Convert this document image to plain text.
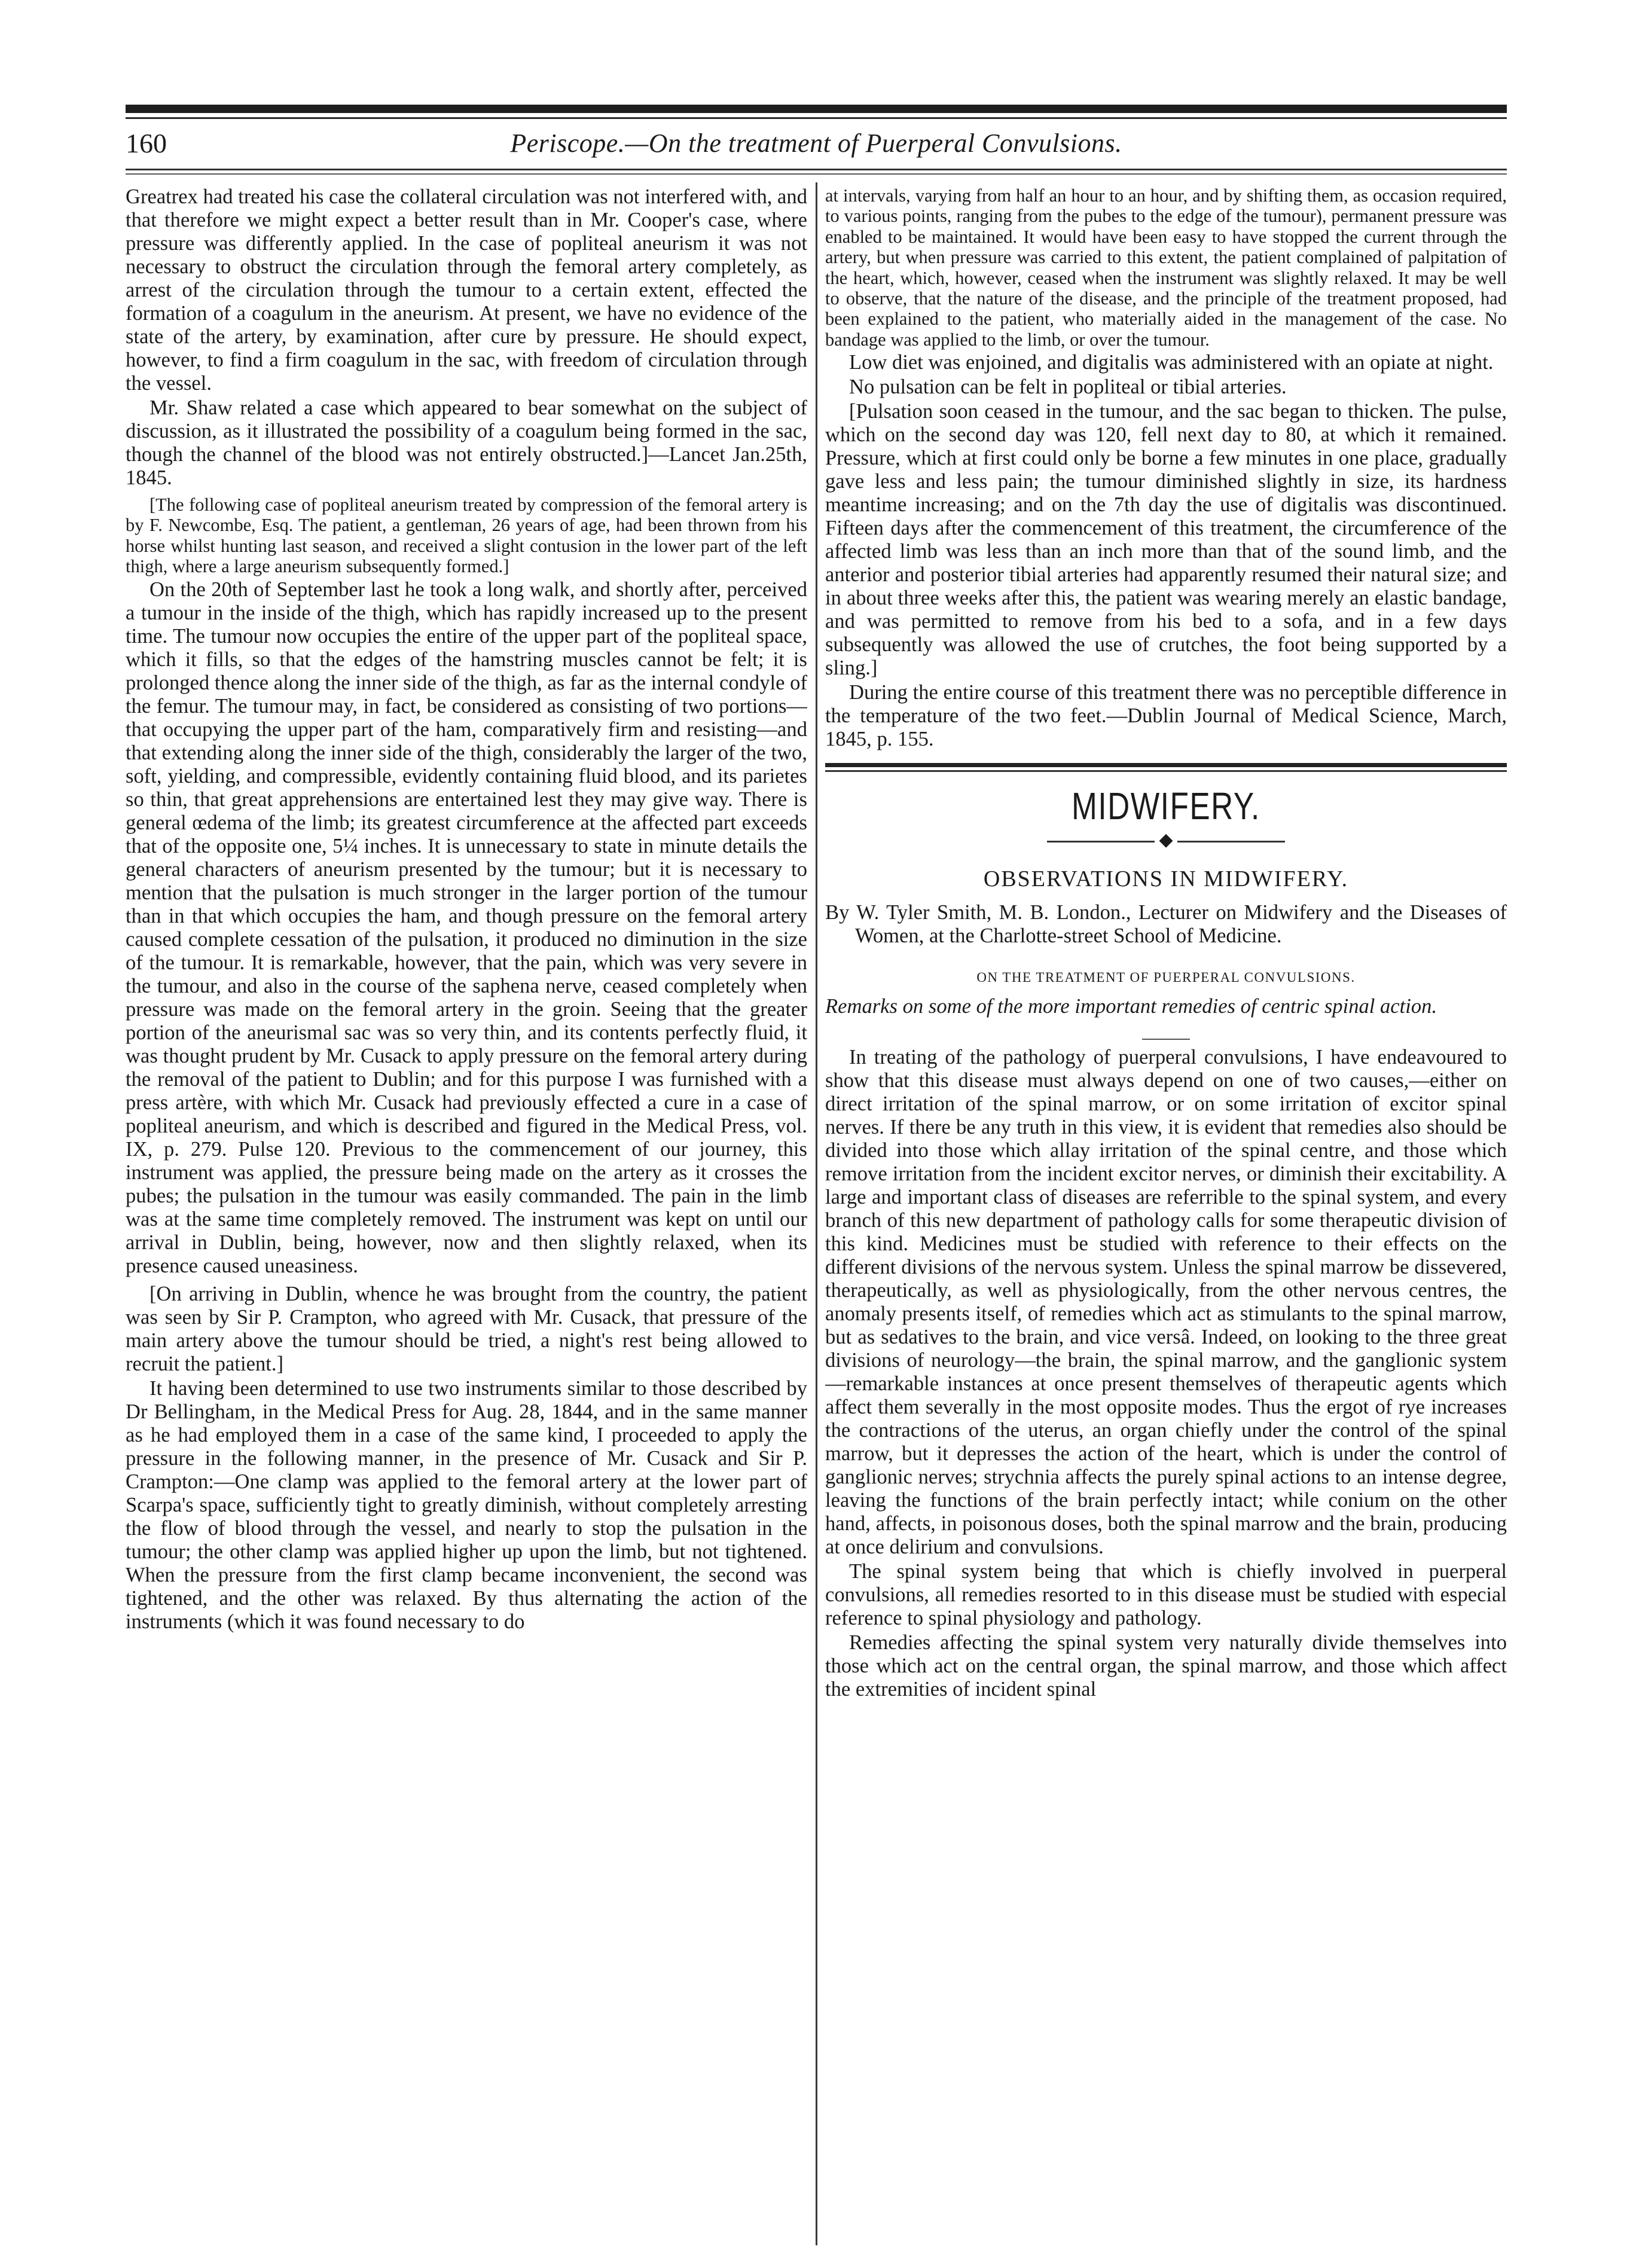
160	Periscope.—On the treatment of Puerperal Convulsions.

Greatrex had treated his case the collateral circulation was not interfered with, and that therefore we might expect a better result than in Mr. Cooper's case, where pressure was differently applied. In the case of popliteal aneurism it was not necessary to obstruct the circulation through the femoral artery completely, as arrest of the circulation through the tumour to a certain extent, effected the formation of a coagulum in the aneurism. At present, we have no evidence of the state of the artery, by examination, after cure by pressure. He should expect, however, to find a firm coagulum in the sac, with freedom of circulation through the vessel.

Mr. Shaw related a case which appeared to bear somewhat on the subject of discussion, as it illustrated the possibility of a coagulum being formed in the sac, though the channel of the blood was not entirely obstructed.]—Lancet Jan.25th, 1845.

[The following case of popliteal aneurism treated by compression of the femoral artery is by F. Newcombe, Esq. The patient, a gentleman, 26 years of age, had been thrown from his horse whilst hunting last season, and received a slight contusion in the lower part of the left thigh, where a large aneurism subsequently formed.]

On the 20th of September last he took a long walk, and shortly after, perceived a tumour in the inside of the thigh, which has rapidly increased up to the present time. The tumour now occupies the entire of the upper part of the popliteal space, which it fills, so that the edges of the hamstring muscles cannot be felt; it is prolonged thence along the inner side of the thigh, as far as the internal condyle of the femur. The tumour may, in fact, be considered as consisting of two portions—that occupying the upper part of the ham, comparatively firm and resisting—and that extending along the inner side of the thigh, considerably the larger of the two, soft, yielding, and compressible, evidently containing fluid blood, and its parietes so thin, that great apprehensions are entertained lest they may give way. There is general œdema of the limb; its greatest circumference at the affected part exceeds that of the opposite one, 5¼ inches. It is unnecessary to state in minute details the general characters of aneurism presented by the tumour; but it is necessary to mention that the pulsation is much stronger in the larger portion of the tumour than in that which occupies the ham, and though pressure on the femoral artery caused complete cessation of the pulsation, it produced no diminution in the size of the tumour. It is remarkable, however, that the pain, which was very severe in the tumour, and also in the course of the saphena nerve, ceased completely when pressure was made on the femoral artery in the groin. Seeing that the greater portion of the aneurismal sac was so very thin, and its contents perfectly fluid, it was thought prudent by Mr. Cusack to apply pressure on the femoral artery during the removal of the patient to Dublin; and for this purpose I was furnished with a press artère, with which Mr. Cusack had previously effected a cure in a case of popliteal aneurism, and which is described and figured in the Medical Press, vol. IX, p. 279. Pulse 120. Previous to the commencement of our journey, this instrument was applied, the pressure being made on the artery as it crosses the pubes; the pulsation in the tumour was easily commanded. The pain in the limb was at the same time completely removed. The instrument was kept on until our arrival in Dublin, being, however, now and then slightly relaxed, when its presence caused uneasiness.

[On arriving in Dublin, whence he was brought from the country, the patient was seen by Sir P. Crampton, who agreed with Mr. Cusack, that pressure of the main artery above the tumour should be tried, a night's rest being allowed to recruit the patient.]

It having been determined to use two instruments similar to those described by Dr Bellingham, in the Medical Press for Aug. 28, 1844, and in the same manner as he had employed them in a case of the same kind, I proceeded to apply the pressure in the following manner, in the presence of Mr. Cusack and Sir P. Crampton:—One clamp was applied to the femoral artery at the lower part of Scarpa's space, sufficiently tight to greatly diminish, without completely arresting the flow of blood through the vessel, and nearly to stop the pulsation in the tumour; the other clamp was applied higher up upon the limb, but not tightened. When the pressure from the first clamp became inconvenient, the second was tightened, and the other was relaxed. By thus alternating the action of the instruments (which it was found necessary to do

at intervals, varying from half an hour to an hour, and by shifting them, as occasion required, to various points, ranging from the pubes to the edge of the tumour), permanent pressure was enabled to be maintained. It would have been easy to have stopped the current through the artery, but when pressure was carried to this extent, the patient complained of palpitation of the heart, which, however, ceased when the instrument was slightly relaxed. It may be well to observe, that the nature of the disease, and the principle of the treatment proposed, had been explained to the patient, who materially aided in the management of the case. No bandage was applied to the limb, or over the tumour.

Low diet was enjoined, and digitalis was administered with an opiate at night.

No pulsation can be felt in popliteal or tibial arteries.

[Pulsation soon ceased in the tumour, and the sac began to thicken. The pulse, which on the second day was 120, fell next day to 80, at which it remained. Pressure, which at first could only be borne a few minutes in one place, gradually gave less and less pain; the tumour diminished slightly in size, its hardness meantime increasing; and on the 7th day the use of digitalis was discontinued. Fifteen days after the commencement of this treatment, the circumference of the affected limb was less than an inch more than that of the sound limb, and the anterior and posterior tibial arteries had apparently resumed their natural size; and in about three weeks after this, the patient was wearing merely an elastic bandage, and was permitted to remove from his bed to a sofa, and in a few days subsequently was allowed the use of crutches, the foot being supported by a sling.]

During the entire course of this treatment there was no perceptible difference in the temperature of the two feet.—Dublin Journal of Medical Science, March, 1845, p. 155.

MIDWIFERY.
◆
OBSERVATIONS IN MIDWIFERY.

By W. Tyler Smith, M. B. London., Lecturer on Midwifery and the Diseases of Women, at the Charlotte-street School of Medicine.

ON THE TREATMENT OF PUERPERAL CONVULSIONS.

Remarks on some of the more important remedies of centric spinal action.

In treating of the pathology of puerperal convulsions, I have endeavoured to show that this disease must always depend on one of two causes,—either on direct irritation of the spinal marrow, or on some irritation of excitor spinal nerves. If there be any truth in this view, it is evident that remedies also should be divided into those which allay irritation of the spinal centre, and those which remove irritation from the incident excitor nerves, or diminish their excitability. A large and important class of diseases are referrible to the spinal system, and every branch of this new department of pathology calls for some therapeutic division of this kind. Medicines must be studied with reference to their effects on the different divisions of the nervous system. Unless the spinal marrow be dissevered, therapeutically, as well as physiologically, from the other nervous centres, the anomaly presents itself, of remedies which act as stimulants to the spinal marrow, but as sedatives to the brain, and vice versâ. Indeed, on looking to the three great divisions of neurology—the brain, the spinal marrow, and the ganglionic system—remarkable instances at once present themselves of therapeutic agents which affect them severally in the most opposite modes. Thus the ergot of rye increases the contractions of the uterus, an organ chiefly under the control of the spinal marrow, but it depresses the action of the heart, which is under the control of ganglionic nerves; strychnia affects the purely spinal actions to an intense degree, leaving the functions of the brain perfectly intact; while conium on the other hand, affects, in poisonous doses, both the spinal marrow and the brain, producing at once delirium and convulsions.

The spinal system being that which is chiefly involved in puerperal convulsions, all remedies resorted to in this disease must be studied with especial reference to spinal physiology and pathology.

Remedies affecting the spinal system very naturally divide themselves into those which act on the central organ, the spinal marrow, and those which affect the extremities of incident spinal
